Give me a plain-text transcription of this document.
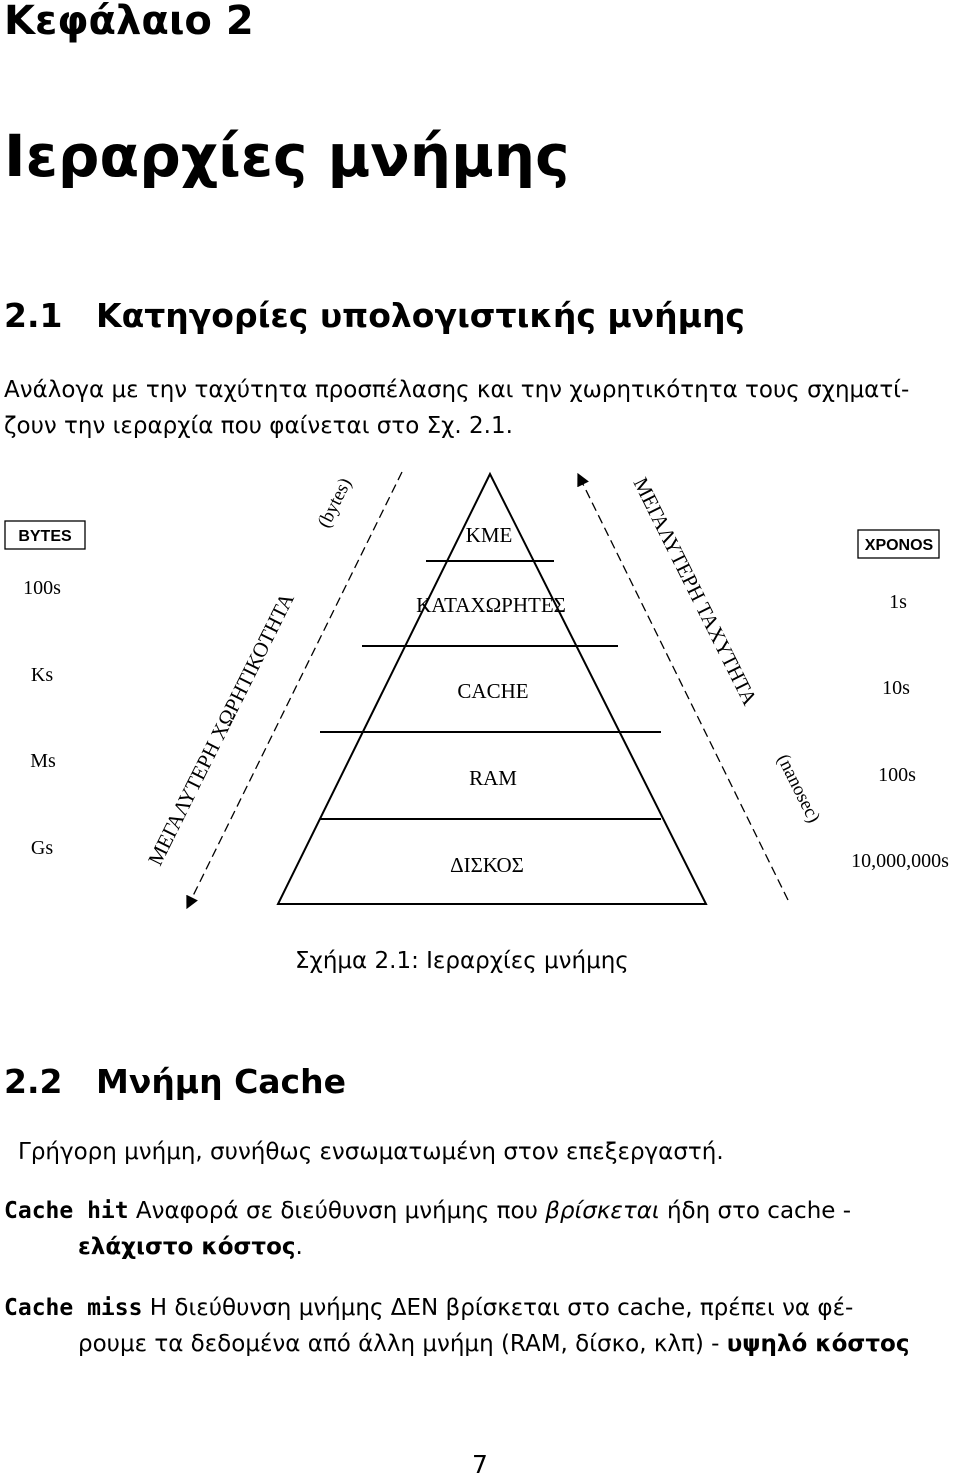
Κεφάλαιο 2
Ιεραρχίες μνήμης
2.1 Κατηγορίες υπολογιστικής μνήμης
Ανάλογα με την ταχύτητα προσπέλασης και την χωρητικότητα τους σχηματί-
ζουν την ιεραρχία που φαίνεται στο Σχ. 2.1.
ΚΜΕ
ΚΑΤΑΧΩΡΗΤΕΣ
CACHE
RAM
ΔΙΣΚΟΣ
ΜΕΓΑΛΥΤΕΡΗ ΧΩΡΗΤΙΚΟΤΗΤΑ
(bytes)	ΜΕΓΑΛΥΤΕΡΗ ΤΑΧΥΤΗΤΑ
(nanosec)
BYTES
100s
Ks
Ms
Gs
XPONOS
1s
10s
100s
10,000,000s
Σχήμα 2.1: Ιεραρχίες μνήμης
2.2 Μνήμη Cache
Γρήγορη μνήμη, συνήθως ενσωματωμένη στον επεξεργαστή.
Cache hit Αναφορά σε διεύθυνση μνήμης που βρίσκεται ήδη στο cache -
ελάχιστο κόστος.
Cache miss Η διεύθυνση μνήμης ΔΕΝ βρίσκεται στο cache, πρέπει να φέ-
ρουμε τα δεδομένα από άλλη μνήμη (RAM, δίσκο, κλπ) - υψηλό κόστος
7
